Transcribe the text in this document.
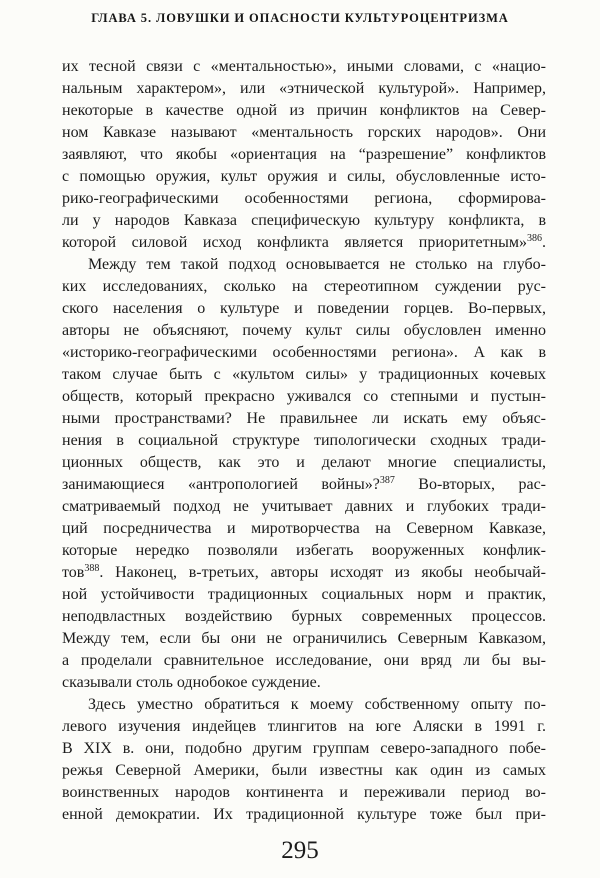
ГЛАВА 5. ЛОВУШКИ И ОПАСНОСТИ КУЛЬТУРОЦЕНТРИЗМА
их тесной связи с «ментальностью», иными словами, с «нацио-
нальным характером», или «этнической культурой». Например,
некоторые в качестве одной из причин конфликтов на Север-
ном Кавказе называют «ментальность горских народов». Они
заявляют, что якобы «ориентация на “разрешение” конфликтов
с помощью оружия, культ оружия и силы, обусловленные исто-
рико-географическими особенностями региона, сформирова-
ли у народов Кавказа специфическую культуру конфликта, в
которой силовой исход конфликта является приоритетным»$^{386}$.
Между тем такой подход основывается не столько на глубо-
ких исследованиях, сколько на стереотипном суждении рус-
ского населения о культуре и поведении горцев. Во-первых,
авторы не объясняют, почему культ силы обусловлен именно
«историко-географическими особенностями региона». А как в
таком случае быть с «культом силы» у традиционных кочевых
обществ, который прекрасно уживался со степными и пустын-
ными пространствами? Не правильнее ли искать ему объяс-
нения в социальной структуре типологически сходных тради-
ционных обществ, как это и делают многие специалисты,
занимающиеся «антропологией войны»?$^{387}$ Во-вторых, рас-
сматриваемый подход не учитывает давних и глубоких тради-
ций посредничества и миротворчества на Северном Кавказе,
которые нередко позволяли избегать вооруженных конфлик-
тов$^{388}$. Наконец, в-третьих, авторы исходят из якобы необычай-
ной устойчивости традиционных социальных норм и практик,
неподвластных воздействию бурных современных процессов.
Между тем, если бы они не ограничились Северным Кавказом,
а проделали сравнительное исследование, они вряд ли бы вы-
сказывали столь однобокое суждение.
Здесь уместно обратиться к моему собственному опыту по-
левого изучения индейцев тлингитов на юге Аляски в 1991 г.
В XIX в. они, подобно другим группам северо-западного побе-
режья Северной Америки, были известны как один из самых
воинственных народов континента и переживали период во-
енной демократии. Их традиционной культуре тоже был при-
295
